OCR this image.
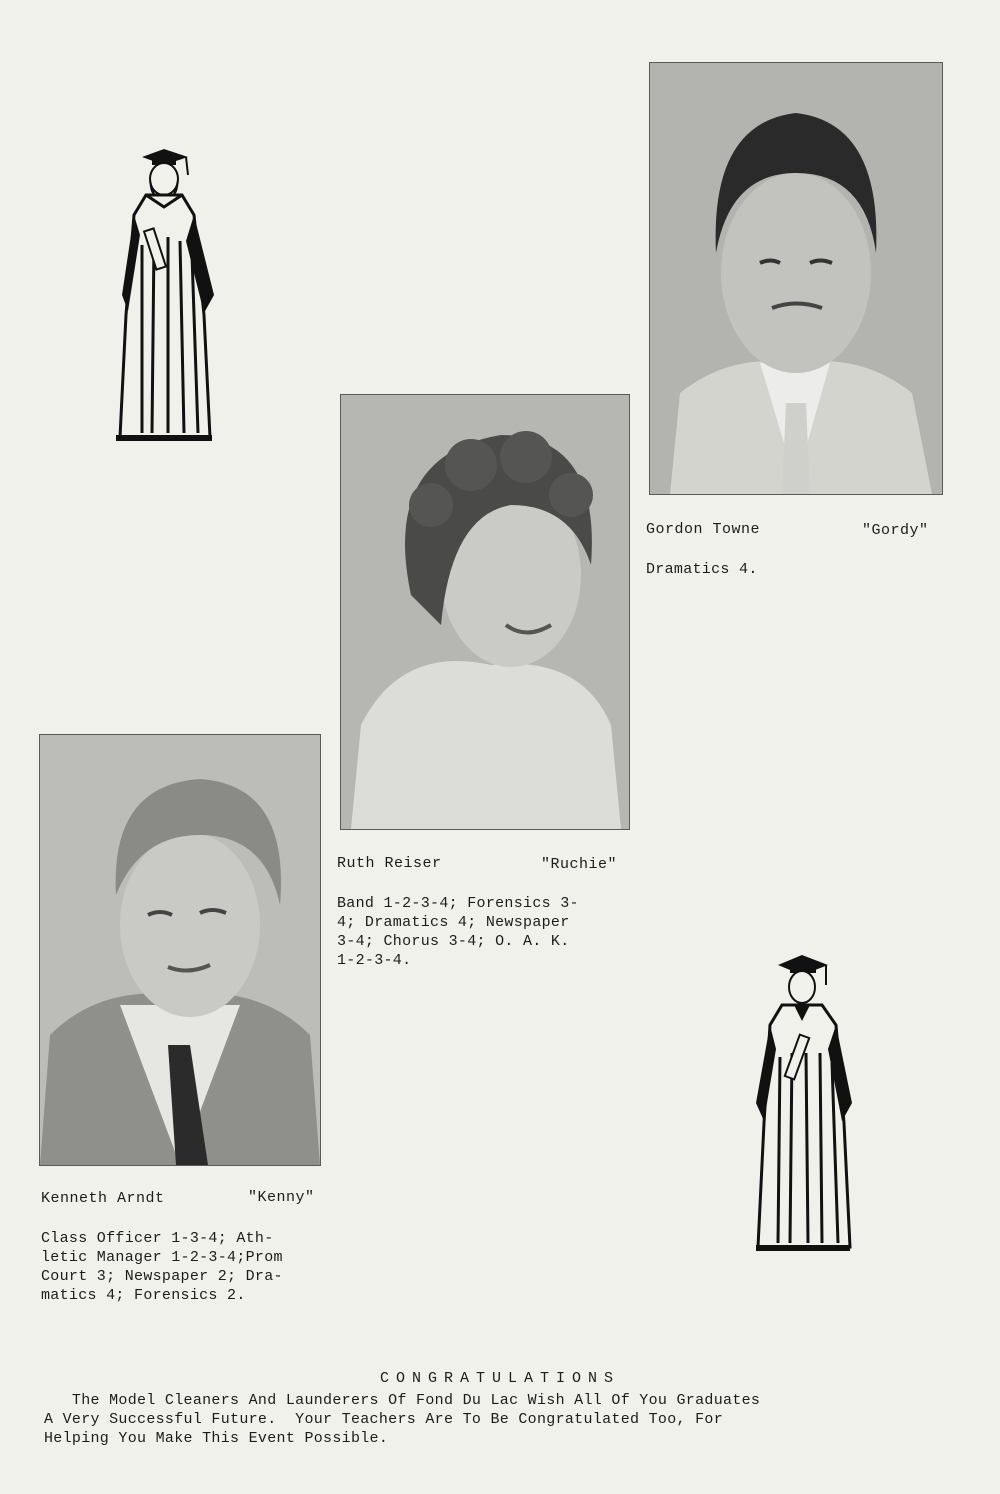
Gordon Towne	"Gordy"
Dramatics 4.
Ruth Reiser	"Ruchie"
Band 1-2-3-4; Forensics 3-
4; Dramatics 4; Newspaper
3-4; Chorus 3-4; O. A. K.
1-2-3-4.
Kenneth Arndt	"Kenny"
Class Officer 1-3-4; Ath-
letic Manager 1-2-3-4;Prom
Court 3; Newspaper 2; Dra-
matics 4; Forensics 2.
CONGRATULATIONS
The Model Cleaners And Launderers Of Fond Du Lac Wish All Of You Graduates
A Very Successful Future.  Your Teachers Are To Be Congratulated Too, For
Helping You Make This Event Possible.
